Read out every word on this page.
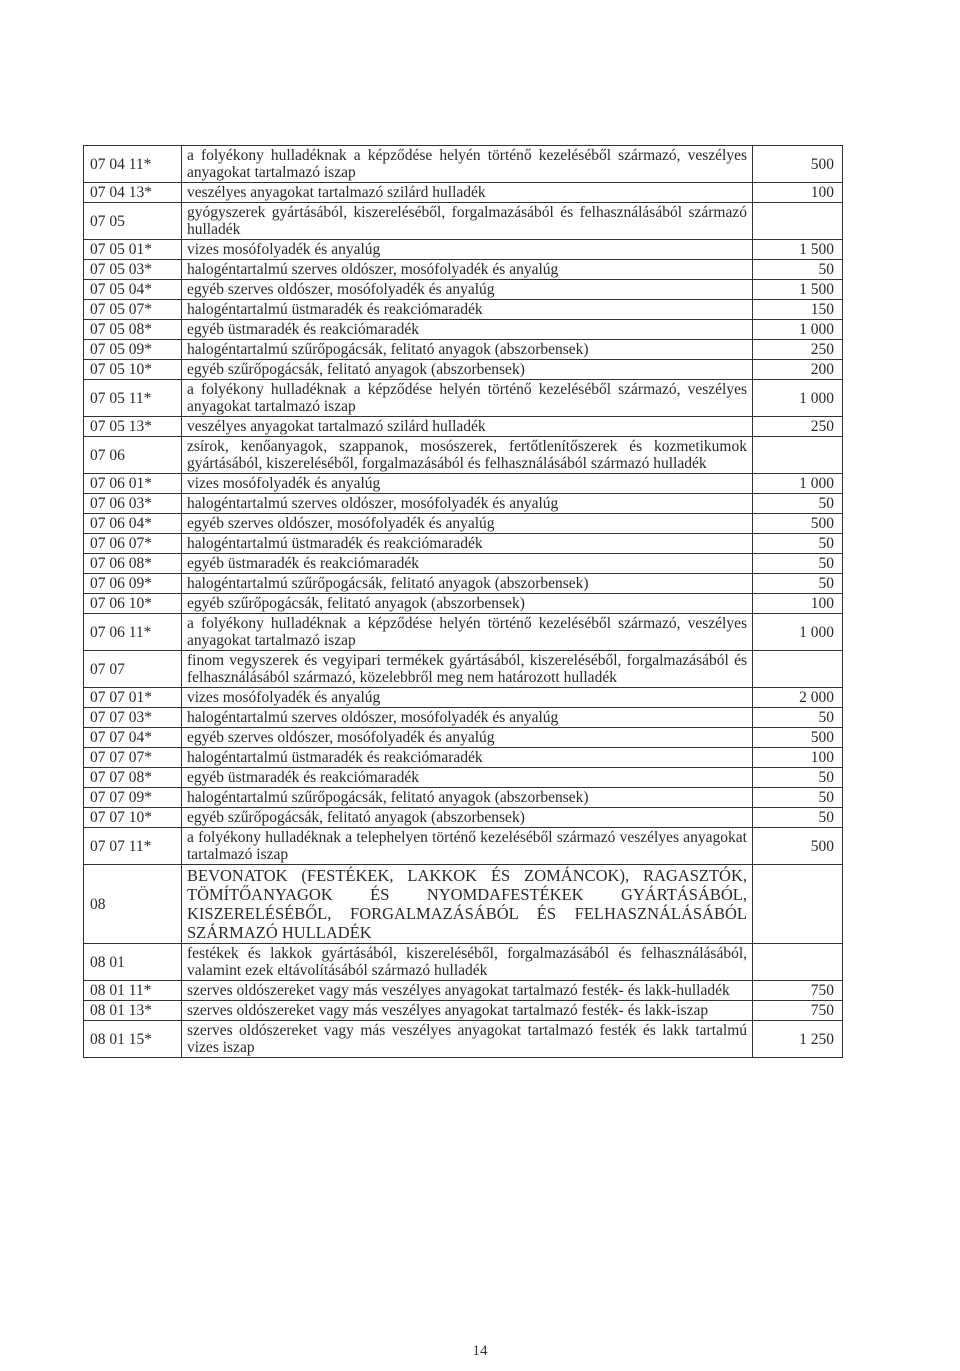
07 04 11*	a folyékony hulladéknak a képződése helyén történő kezeléséből származó, veszélyes anyagokat tartalmazó iszap	500
07 04 13*	veszélyes anyagokat tartalmazó szilárd hulladék	100
07 05	gyógyszerek gyártásából, kiszereléséből, forgalmazásából és felhasználásából származó hulladék	
07 05 01*	vizes mosófolyadék és anyalúg	1 500
07 05 03*	halogéntartalmú szerves oldószer, mosófolyadék és anyalúg	50
07 05 04*	egyéb szerves oldószer, mosófolyadék és anyalúg	1 500
07 05 07*	halogéntartalmú üstmaradék és reakciómaradék	150
07 05 08*	egyéb üstmaradék és reakciómaradék	1 000
07 05 09*	halogéntartalmú szűrőpogácsák, felitató anyagok (abszorbensek)	250
07 05 10*	egyéb szűrőpogácsák, felitató anyagok (abszorbensek)	200
07 05 11*	a folyékony hulladéknak a képződése helyén történő kezeléséből származó, veszélyes anyagokat tartalmazó iszap	1 000
07 05 13*	veszélyes anyagokat tartalmazó szilárd hulladék	250
07 06	zsírok, kenőanyagok, szappanok, mosószerek, fertőtlenítőszerek és kozmetikumok gyártásából, kiszereléséből, forgalmazásából és felhasználásából származó hulladék	
07 06 01*	vizes mosófolyadék és anyalúg	1 000
07 06 03*	halogéntartalmú szerves oldószer, mosófolyadék és anyalúg	50
07 06 04*	egyéb szerves oldószer, mosófolyadék és anyalúg	500
07 06 07*	halogéntartalmú üstmaradék és reakciómaradék	50
07 06 08*	egyéb üstmaradék és reakciómaradék	50
07 06 09*	halogéntartalmú szűrőpogácsák, felitató anyagok (abszorbensek)	50
07 06 10*	egyéb szűrőpogácsák, felitató anyagok (abszorbensek)	100
07 06 11*	a folyékony hulladéknak a képződése helyén történő kezeléséből származó, veszélyes anyagokat tartalmazó iszap	1 000
07 07	finom vegyszerek és vegyipari termékek gyártásából, kiszereléséből, forgalmazásából és felhasználásából származó, közelebbről meg nem határozott hulladék	
07 07 01*	vizes mosófolyadék és anyalúg	2 000
07 07 03*	halogéntartalmú szerves oldószer, mosófolyadék és anyalúg	50
07 07 04*	egyéb szerves oldószer, mosófolyadék és anyalúg	500
07 07 07*	halogéntartalmú üstmaradék és reakciómaradék	100
07 07 08*	egyéb üstmaradék és reakciómaradék	50
07 07 09*	halogéntartalmú szűrőpogácsák, felitató anyagok (abszorbensek)	50
07 07 10*	egyéb szűrőpogácsák, felitató anyagok (abszorbensek)	50
07 07 11*	a folyékony hulladéknak a telephelyen történő kezeléséből származó veszélyes anyagokat tartalmazó iszap	500
08	BEVONATOK (FESTÉKEK, LAKKOK ÉS ZOMÁNCOK), RAGASZTÓK, TÖMÍTŐANYAGOK ÉS NYOMDAFESTÉKEK GYÁRTÁSÁBÓL, KISZERELÉSÉBŐL, FORGALMAZÁSÁBÓL ÉS FELHASZNÁLÁSÁBÓL SZÁRMAZÓ HULLADÉK	
08 01	festékek és lakkok gyártásából, kiszereléséből, forgalmazásából és felhasználásából, valamint ezek eltávolításából származó hulladék	
08 01 11*	szerves oldószereket vagy más veszélyes anyagokat tartalmazó festék- és lakk-hulladék	750
08 01 13*	szerves oldószereket vagy más veszélyes anyagokat tartalmazó festék- és lakk-iszap	750
08 01 15*	szerves oldószereket vagy más veszélyes anyagokat tartalmazó festék és lakk tartalmú vizes iszap	1 250
14
